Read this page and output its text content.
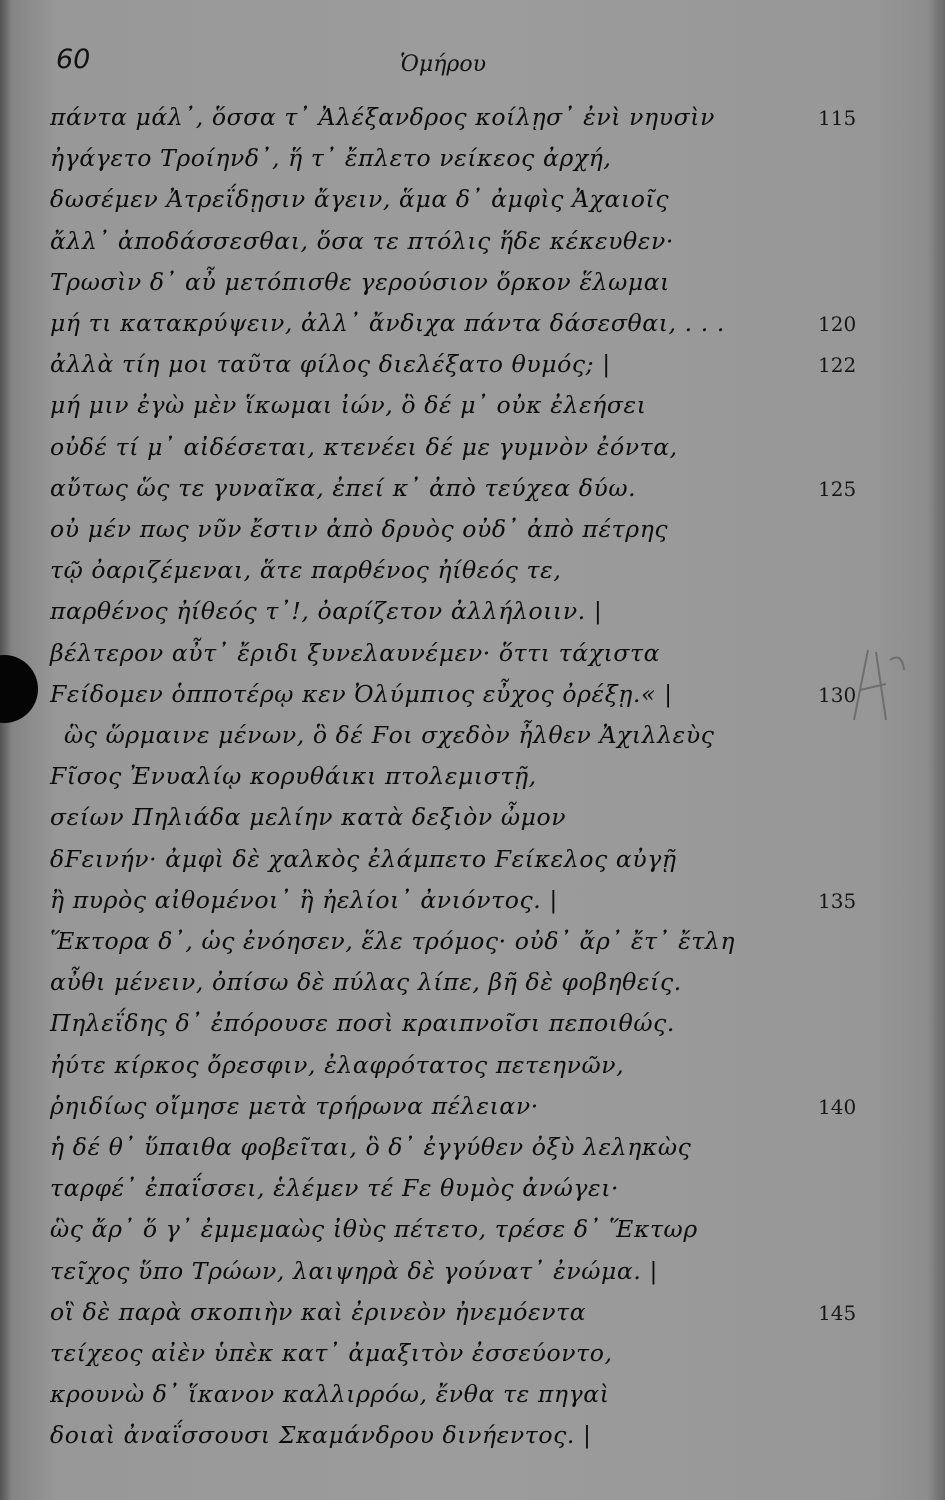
60	Ὁμήρου
πάντα μάλ᾽, ὅσσα τ᾽ Ἀλέξανδρος κοίλῃσ᾽ ἐνὶ νηυσὶν	115
ἠγάγετο Τροίηνδ᾽, ἥ τ᾽ ἔπλετο νείκεος ἀρχή,
δωσέμεν Ἀτρεΐδῃσιν ἄγειν, ἅμα δ᾽ ἀμφὶς Ἀχαιοῖς
ἄλλ᾽ ἀποδάσσεσθαι, ὅσα τε πτόλις ἥδε κέκευθεν·
Τρωσὶν δ᾽ αὖ μετόπισθε γερούσιον ὅρκον ἕλωμαι
μή τι κατακρύψειν, ἀλλ᾽ ἄνδιχα πάντα δάσεσθαι, . . .	120
ἀλλὰ τίη μοι ταῦτα φίλος διελέξατο θυμός; |	122
μή μιν ἐγὼ μὲν ἵκωμαι ἰών, ὃ δέ μ᾽ οὐκ ἐλεήσει
οὐδέ τί μ᾽ αἰδέσεται, κτενέει δέ με γυμνὸν ἐόντα,
αὔτως ὥς τε γυναῖκα, ἐπεί κ᾽ ἀπὸ τεύχεα δύω.	125
οὐ μέν πως νῦν ἔστιν ἀπὸ δρυὸς οὐδ᾽ ἀπὸ πέτρης
τῷ ὀαριζέμεναι, ἅτε παρθένος ἠίθεός τε,
παρθένος ἠίθεός τ᾽!, ὀαρίζετον ἀλλήλοιιν. |
βέλτερον αὖτ᾽ ἔριδι ξυνελαυνέμεν· ὅττι τάχιστα
Ϝείδομεν ὁπποτέρῳ κεν Ὀλύμπιος εὖχος ὀρέξῃ.« |	130
ὣς ὥρμαινε μένων, ὃ δέ Ϝοι σχεδὸν ἦλθεν Ἀχιλλεὺς
Ϝῖσος Ἐνυαλίῳ κορυθάικι πτολεμιστῇ,
σείων Πηλιάδα μελίην κατὰ δεξιὸν ὦμον
δϜεινήν· ἀμφὶ δὲ χαλκὸς ἐλάμπετο Ϝείκελος αὐγῇ
ἢ πυρὸς αἰθομένοι᾽ ἢ ἠελίοι᾽ ἀνιόντος. |	135
Ἕκτορα δ᾽, ὡς ἐνόησεν, ἕλε τρόμος· οὐδ᾽ ἄρ᾽ ἔτ᾽ ἔτλη
αὖθι μένειν, ὀπίσω δὲ πύλας λίπε, βῆ δὲ φοβηθείς.
Πηλεΐδης δ᾽ ἐπόρουσε ποσὶ κραιπνοῖσι πεποιθώς.
ἠύτε κίρκος ὄρεσφιν, ἐλαφρότατος πετεηνῶν,
ῥηιδίως οἴμησε μετὰ τρήρωνα πέλειαν·	140
ἡ δέ θ᾽ ὕπαιθα φοβεῖται, ὃ δ᾽ ἐγγύθεν ὀξὺ λεληκὼς
ταρφέ᾽ ἐπαΐσσει, ἑλέμεν τέ Ϝε θυμὸς ἀνώγει·
ὣς ἄρ᾽ ὅ γ᾽ ἐμμεμαὼς ἰθὺς πέτετο, τρέσε δ᾽ Ἕκτωρ
τεῖχος ὕπο Τρώων, λαιψηρὰ δὲ γούνατ᾽ ἐνώμα. |
οἳ δὲ παρὰ σκοπιὴν καὶ ἐρινεὸν ἠνεμόεντα	145
τείχεος αἰὲν ὑπὲκ κατ᾽ ἀμαξιτὸν ἐσσεύοντο,
κρουνὼ δ᾽ ἵκανον καλλιρρόω, ἔνθα τε πηγαὶ
δοιαὶ ἀναΐσσουσι Σκαμάνδρου δινήεντος. |
